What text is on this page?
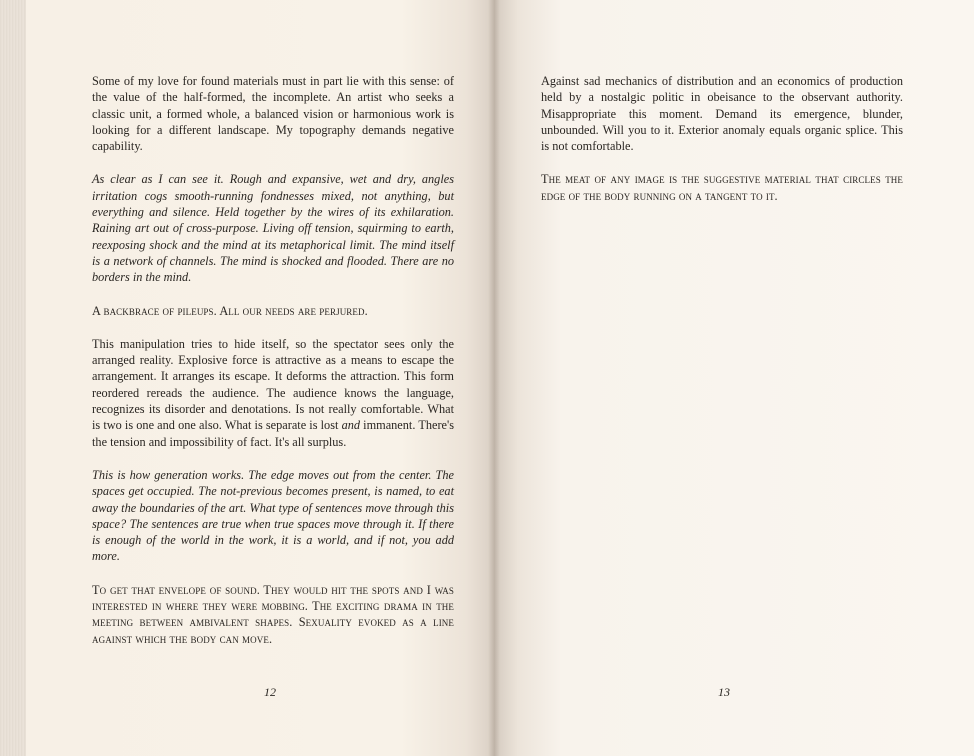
Some of my love for found materials must in part lie with this sense: of the value of the half-formed, the incomplete. An artist who seeks a classic unit, a formed whole, a balanced vision or harmonious work is looking for a different landscape. My topography demands negative capability.

As clear as I can see it. Rough and expansive, wet and dry, angles irritation cogs smooth-running fondnesses mixed, not anything, but everything and silence. Held together by the wires of its exhilaration. Raining art out of cross-purpose. Living off tension, squirming to earth, reexposing shock and the mind at its metaphorical limit. The mind itself is a network of channels. The mind is shocked and flooded. There are no borders in the mind.

A backbrace of pileups. All our needs are perjured.

This manipulation tries to hide itself, so the spectator sees only the arranged reality. Explosive force is attractive as a means to escape the arrangement. It arranges its escape. It deforms the attraction. This form reordered rereads the audience. The audience knows the language, recognizes its disorder and denotations. Is not really comfortable. What is two is one and one also. What is separate is lost and immanent. There's the tension and impossibility of fact. It's all surplus.

This is how generation works. The edge moves out from the center. The spaces get occupied. The not-previous becomes present, is named, to eat away the boundaries of the art. What type of sentences move through this space? The sentences are true when true spaces move through it. If there is enough of the world in the work, it is a world, and if not, you add more.

To get that envelope of sound. They would hit the spots and I was interested in where they were mobbing. The exciting drama in the meeting between ambivalent shapes. Sexuality evoked as a line against which the body can move.

Against sad mechanics of distribution and an economics of production held by a nostalgic politic in obeisance to the observant authority. Misappropriate this moment. Demand its emergence, blunder, unbounded. Will you to it. Exterior anomaly equals organic splice. This is not comfortable.

The meat of any image is the suggestive material that circles the edge of the body running on a tangent to it.

12	13
